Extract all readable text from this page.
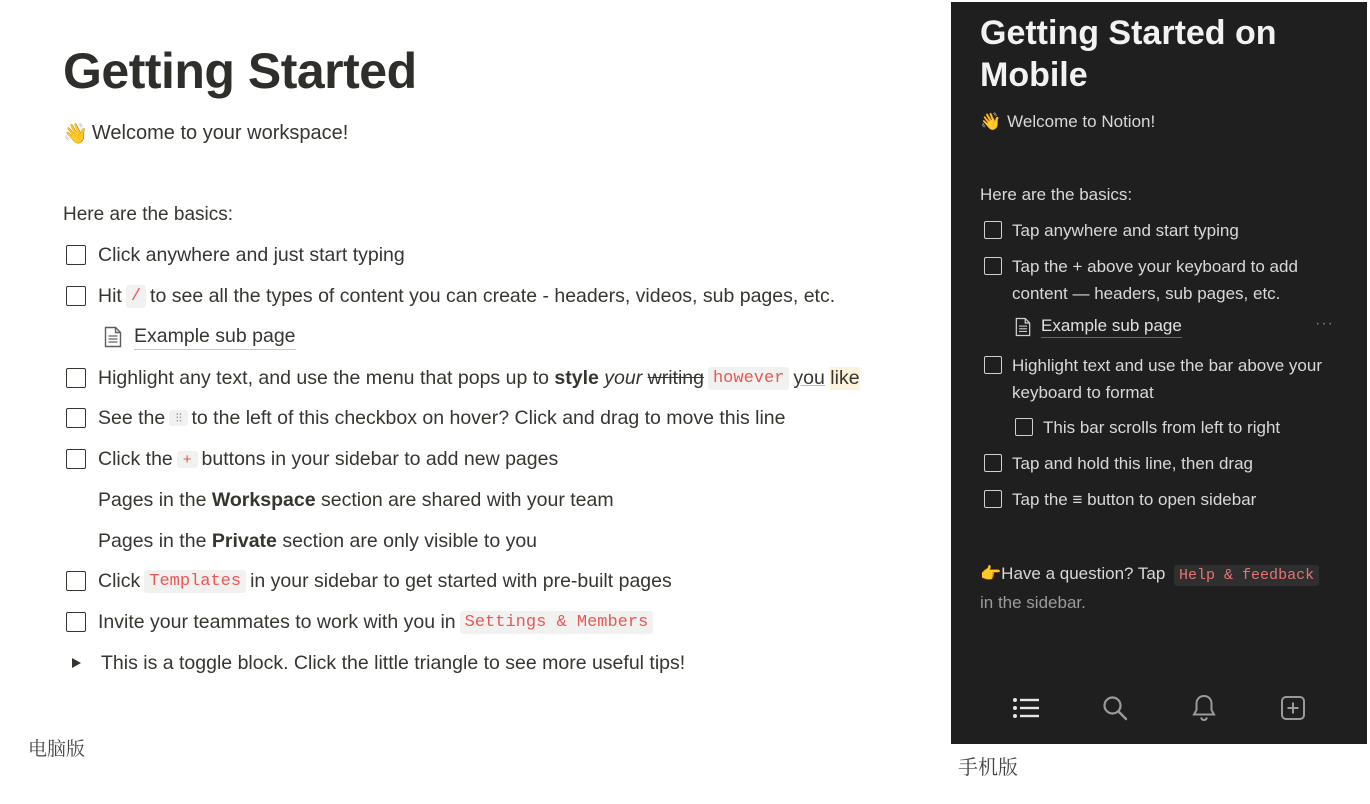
Getting Started
👋 Welcome to your workspace!
Here are the basics:
Click anywhere and just start typing
Hit / to see all the types of content you can create - headers, videos, sub pages, etc.
Example sub page
Highlight any text, and use the menu that pops up to
style
your
writing however you
like
See the ⁝⁝ to the left of this checkbox on hover? Click and drag to move this line
Click the + buttons in your sidebar to add new pages
Pages in the
Workspace
section are shared with your team
Pages in the
Private
section are only visible to you
Click Templates in your sidebar to get started with pre-built pages
Invite your teammates to work with you in Settings & Members
This is a toggle block. Click the little triangle to see more useful tips!
电脑版
Getting Started on Mobile
👋 Welcome to Notion!
Here are the basics:
Tap anywhere and start typing
Tap the + above your keyboard to add content — headers, sub pages, etc.
Example sub page	···
Highlight text and use the bar above your keyboard to format
This bar scrolls from left to right
Tap and hold this line, then drag
Tap the ≡ button to open sidebar
👉Have a question? Tap Help & feedback
in the sidebar.
手机版
